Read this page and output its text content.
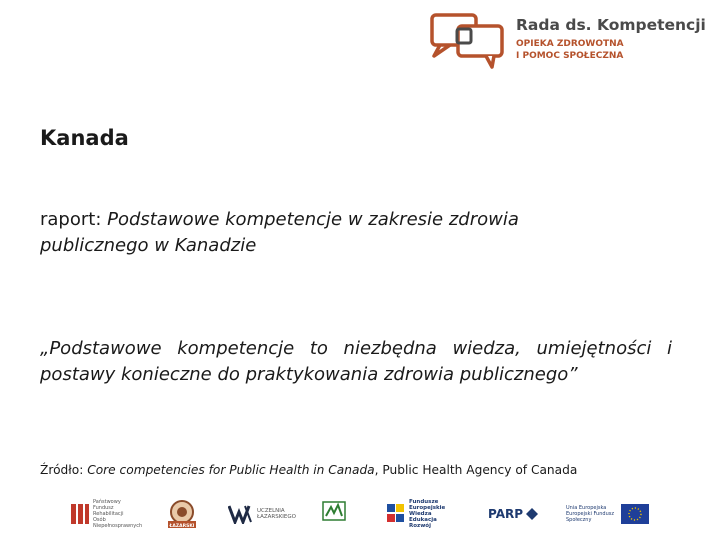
Rada ds. Kompetencji
OPIEKA ZDROWOTNA
I POMOC SPOŁECZNA
Kanada

raport: Podstawowe kompetencje w zakresie zdrowia publicznego w Kanadzie

„Podstawowe kompetencje to niezbędna wiedza, umiejętności i postawy konieczne do praktykowania zdrowia publicznego”

Źródło: Core competencies for Public Health in Canada, Public Health Agency of Canada

Państwowy Fundusz Rehabilitacji Osób Niepełnosprawnych	ŁAZARSKI
UCZELNIA ŁAZARSKIEGO
Fundusze Europejskie Wiedza Edukacja Rozwój
PARP	Unia Europejska Europejski Fundusz Społeczny
